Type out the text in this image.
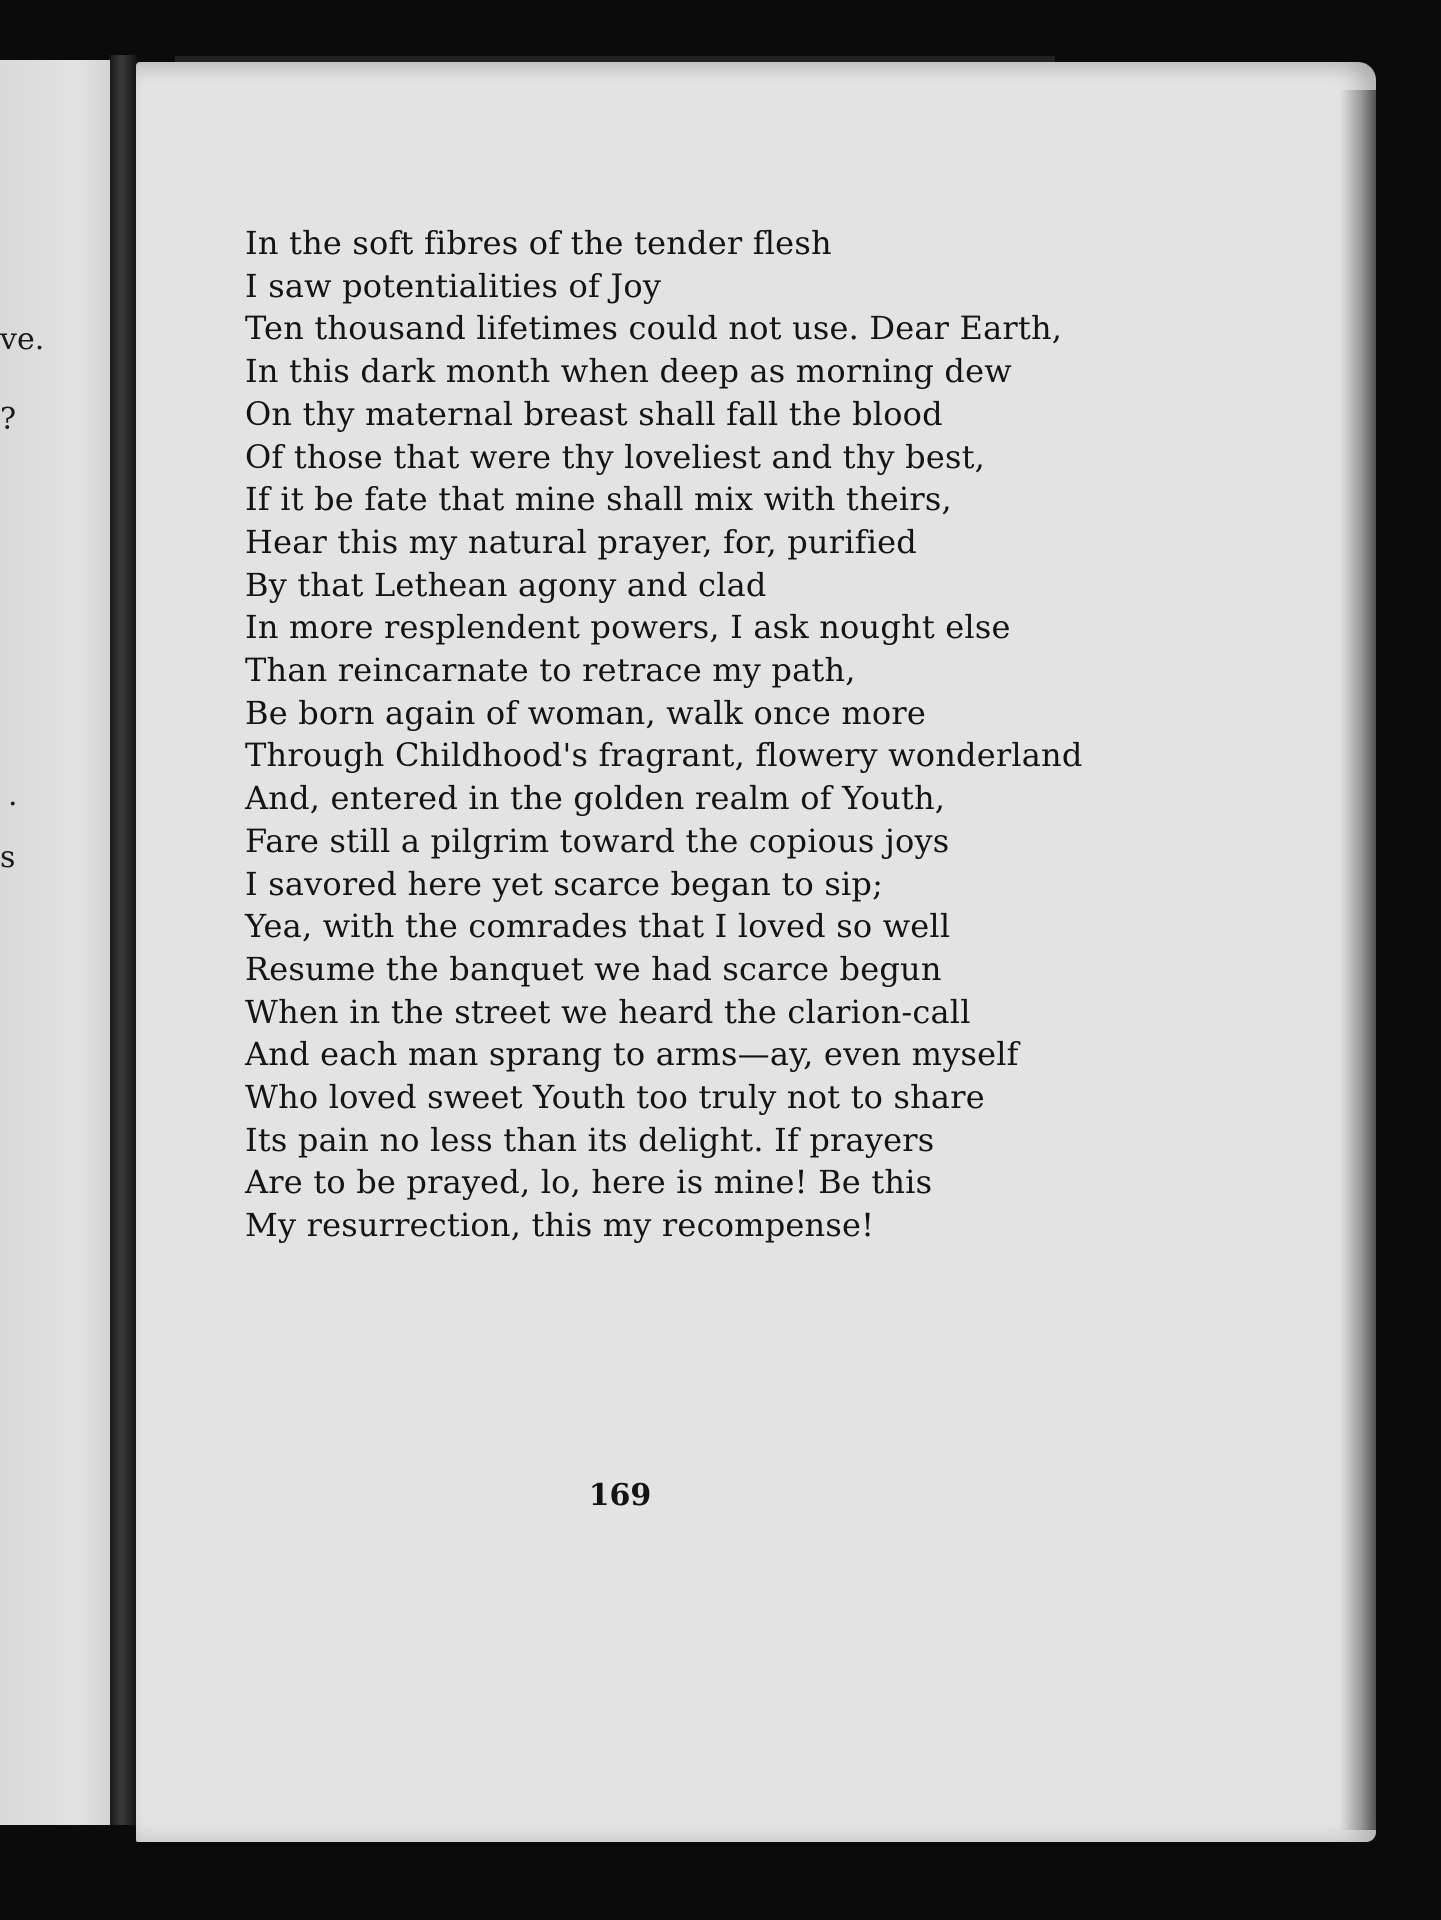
ve.
?
.
s
In the soft fibres of the tender flesh
I saw potentialities of Joy
Ten thousand lifetimes could not use. Dear Earth,
In this dark month when deep as morning dew
On thy maternal breast shall fall the blood
Of those that were thy loveliest and thy best,
If it be fate that mine shall mix with theirs,
Hear this my natural prayer, for, purified
By that Lethean agony and clad
In more resplendent powers, I ask nought else
Than reincarnate to retrace my path,
Be born again of woman, walk once more
Through Childhood's fragrant, flowery wonderland
And, entered in the golden realm of Youth,
Fare still a pilgrim toward the copious joys
I savored here yet scarce began to sip;
Yea, with the comrades that I loved so well
Resume the banquet we had scarce begun
When in the street we heard the clarion-call
And each man sprang to arms—ay, even myself
Who loved sweet Youth too truly not to share
Its pain no less than its delight. If prayers
Are to be prayed, lo, here is mine! Be this
My resurrection, this my recompense!
169
